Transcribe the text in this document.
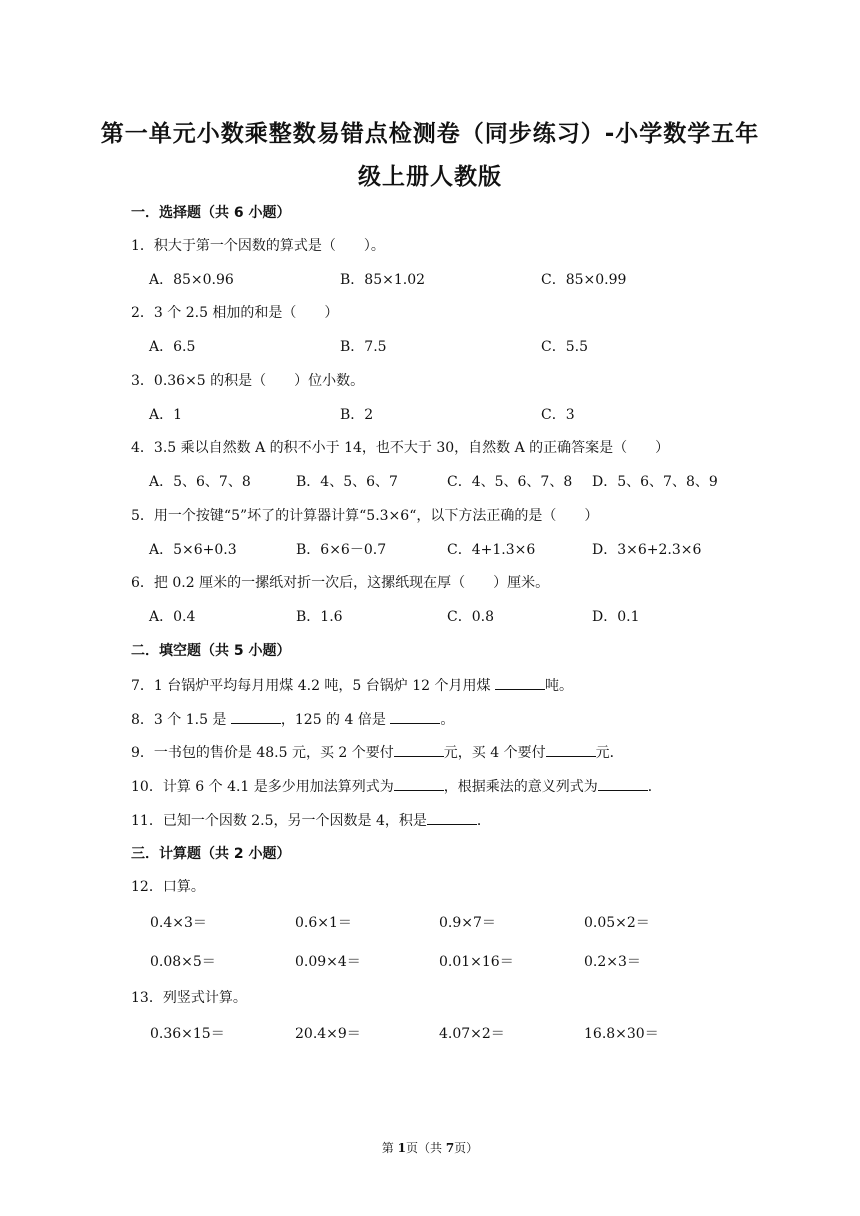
第一单元小数乘整数易错点检测卷（同步练习）-小学数学五年
级上册人教版
一．选择题（共 6 小题）
1．积大于第一个因数的算式是（　　）。
A．85×0.96	B．85×1.02	C．85×0.99
2．3 个 2.5 相加的和是（　　）
A．6.5	B．7.5	C．5.5
3．0.36×5 的积是（　　）位小数。
A．1	B．2	C．3
4．3.5 乘以自然数 A 的积不小于 14，也不大于 30，自然数 A 的正确答案是（　　）
A．5、6、7、8	B．4、5、6、7	C．4、5、6、7、8 D．5、6、7、8、9
5．用一个按键“5”坏了的计算器计算“5.3×6“，以下方法正确的是（　　）
A．5×6+0.3	B．6×6－0.7	C．4+1.3×6	D．3×6+2.3×6
6．把 0.2 厘米的一摞纸对折一次后，这摞纸现在厚（　　）厘米。
A．0.4	B．1.6	C．0.8	D．0.1
二．填空题（共 5 小题）
7．1 台锅炉平均每月用煤 4.2 吨，5 台锅炉 12 个月用煤	吨。
8．3 个 1.5 是	，125 的 4 倍是	。
9．一书包的售价是 48.5 元，买 2 个要付	元，买 4 个要付	元．
10．计算 6 个 4.1 是多少用加法算列式为	，根据乘法的意义列式为	．
11．已知一个因数 2.5，另一个因数是 4，积是	．
三．计算题（共 2 小题）
12．口算。
0.4×3＝	0.6×1＝	0.9×7＝	0.05×2＝
0.08×5＝	0.09×4＝	0.01×16＝	0.2×3＝
13．列竖式计算。
0.36×15＝	20.4×9＝	4.07×2＝	16.8×30＝
第 1页（共 7页）
